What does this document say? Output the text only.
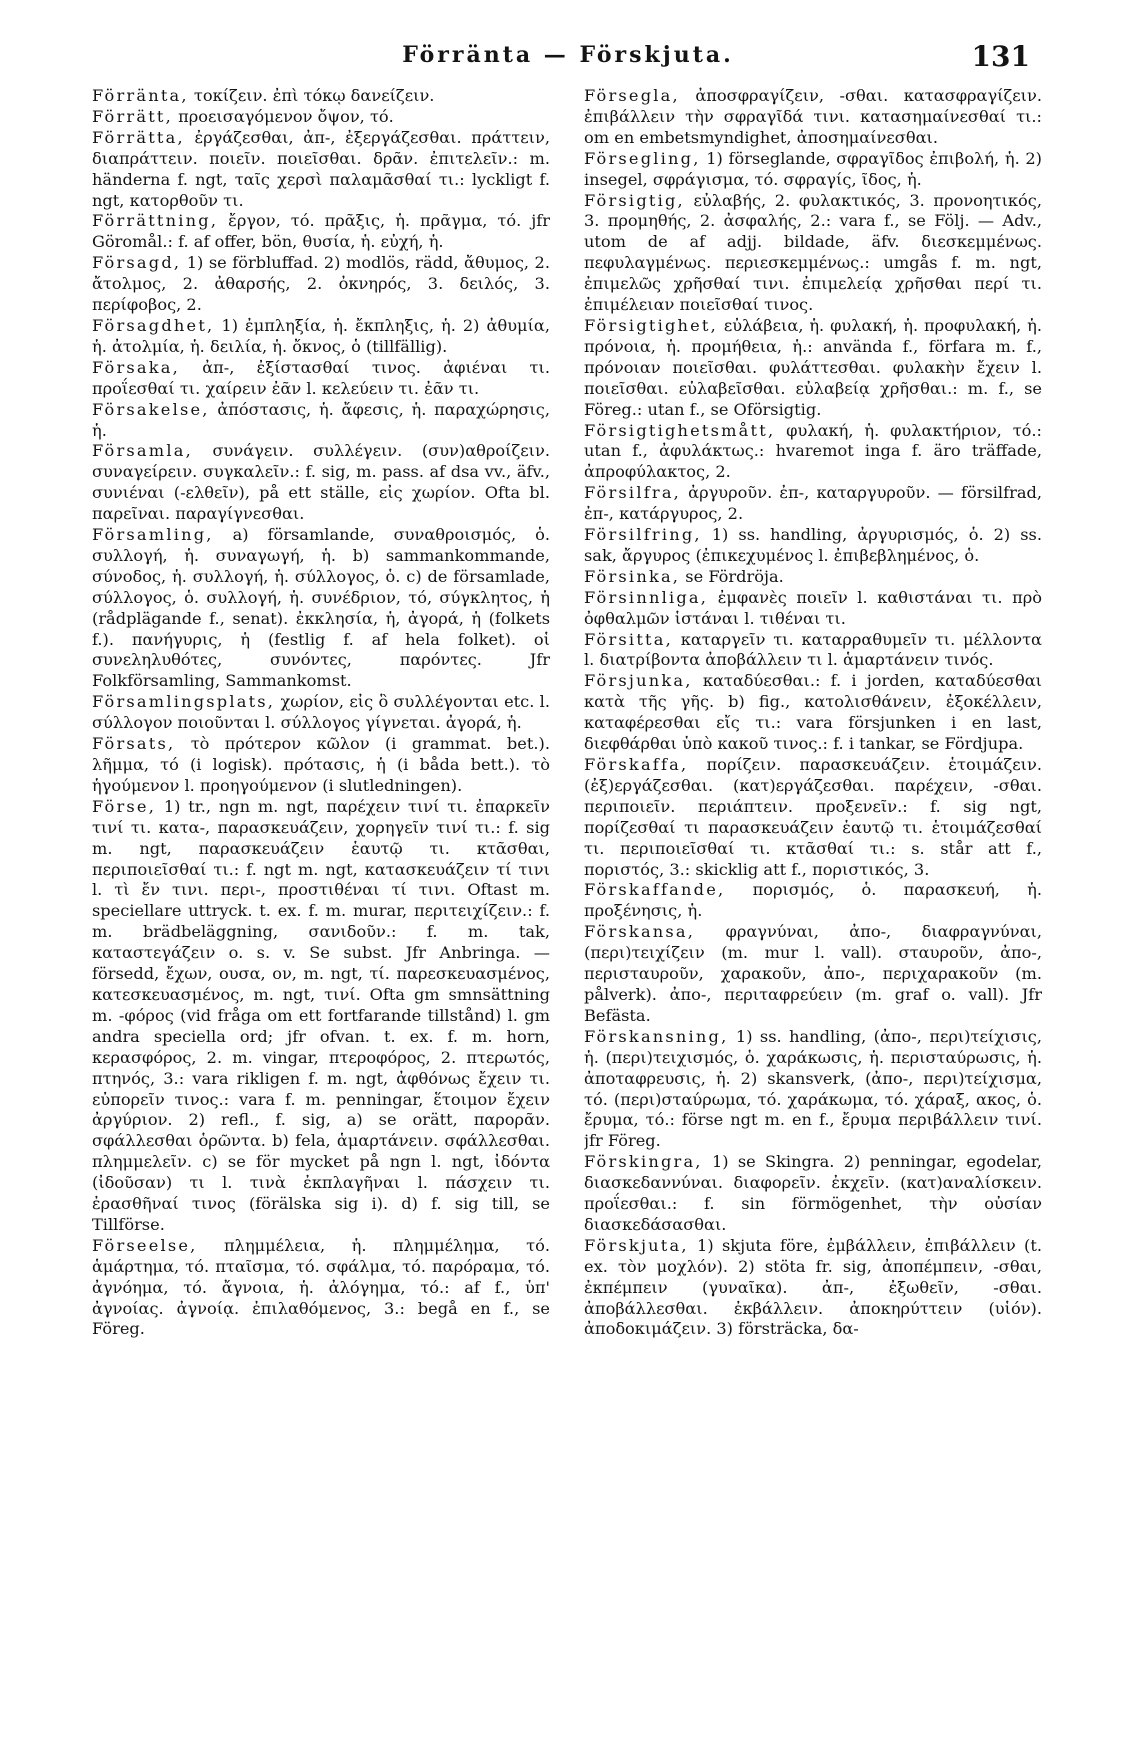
Förränta — Förskjuta.	131

Förränta, τοκίζειν. ἐπὶ τόκῳ δανείζειν.

Förrätt, προεισαγόμενον ὄψον, τό.

Förrätta, ἐργάζεσθαι, ἀπ-, ἐξεργάζεσθαι. πράττειν, διαπράττειν. ποιεῖν. ποιεῖσθαι. δρᾶν. ἐπιτελεῖν.: m. händerna f. ngt, ταῖς χερσὶ παλαμᾶσθαί τι.: lyckligt f. ngt, κατορθοῦν τι.

Förrättning, ἔργον, τό. πρᾶξις, ἡ. πρᾶγμα, τό. jfr Göromål.: f. af offer, bön, θυσία, ἡ. εὐχή, ἡ.

Försagd, 1) se förbluffad. 2) modlös, rädd, ἄθυμος, 2. ἄτολμος, 2. ἀθαρσής, 2. ὀκνηρός, 3. δειλός, 3. περίφοβος, 2.

Försagdhet, 1) ἐμπληξία, ἡ. ἔκπληξις, ἡ. 2) ἀθυμία, ἡ. ἀτολμία, ἡ. δειλία, ἡ. ὄκνος, ὁ (tillfällig).

Försaka, ἀπ-, ἐξίστασθαί τινος. ἀφιέναι τι. προΐεσθαί τι. χαίρειν ἐᾶν l. κελεύειν τι. ἐᾶν τι.

Försakelse, ἀπόστασις, ἡ. ἄφεσις, ἡ. παραχώρησις, ἡ.

Församla, συνάγειν. συλλέγειν. (συν)αθροίζειν. συναγείρειν. συγκαλεῖν.: f. sig, m. pass. af dsa vv., äfv., συνιέναι (-ελθεῖν), på ett ställe, εἰς χωρίον. Ofta bl. παρεῖναι. παραγίγνεσθαι.

Församling, a) församlande, συναθροισμός, ὁ. συλλογή, ἡ. συναγωγή, ἡ. b) sammankommande, σύνοδος, ἡ. συλλογή, ἡ. σύλλογος, ὁ. c) de församlade, σύλλογος, ὁ. συλλογή, ἡ. συνέδριον, τό, σύγκλητος, ἡ (rådplägande f., senat). ἐκκλησία, ἡ, ἀγορά, ἡ (folkets f.). πανήγυρις, ἡ (festlig f. af hela folket). οἱ συνεληλυθότες, συνόντες, παρόντες. Jfr Folkförsamling, Sammankomst.

Församlingsplats, χωρίον, εἰς ὃ συλλέγονται etc. l. σύλλογον ποιοῦνται l. σύλλογος γίγνεται. ἀγορά, ἡ.

Försats, τὸ πρότερον κῶλον (i grammat. bet.). λῆμμα, τό (i logisk). πρότασις, ἡ (i båda bett.). τὸ ἡγούμενον l. προηγούμενον (i slutledningen).

Förse, 1) tr., ngn m. ngt, παρέχειν τινί τι. ἐπαρκεῖν τινί τι. κατα-, παρασκευάζειν, χορηγεῖν τινί τι.: f. sig m. ngt, παρασκευάζειν ἑαυτῷ τι. κτᾶσθαι, περιποιεῖσθαί τι.: f. ngt m. ngt, κατασκευάζειν τί τινι l. τὶ ἔν τινι. περι-, προστιθέναι τί τινι. Oftast m. speciellare uttryck. t. ex. f. m. murar, περιτειχίζειν.: f. m. brädbeläggning, σανιδοῦν.: f. m. tak, καταστεγάζειν o. s. v. Se subst. Jfr Anbringa. — försedd, ἔχων, ουσα, ον, m. ngt, τί. παρεσκευασμένος, κατεσκευασμένος, m. ngt, τινί. Ofta gm smnsättning m. -φόρος (vid fråga om ett fortfarande tillstånd) l. gm andra speciella ord; jfr ofvan. t. ex. f. m. horn, κερασφόρος, 2. m. vingar, πτεροφόρος, 2. πτερωτός, πτηνός, 3.: vara rikligen f. m. ngt, ἀφθόνως ἔχειν τι. εὐπορεῖν τινος.: vara f. m. penningar, ἕτοιμον ἔχειν ἀργύριον. 2) refl., f. sig, a) se orätt, παρορᾶν. σφάλλεσθαι ὁρῶντα. b) fela, ἁμαρτάνειν. σφάλλεσθαι. πλημμελεῖν. c) se för mycket på ngn l. ngt, ἰδόντα (ἰδοῦσαν) τι l. τινὰ ἐκπλαγῆναι l. πάσχειν τι. ἐρασθῆναί τινος (förälska sig i). d) f. sig till, se Tillförse.

Förseelse, πλημμέλεια, ἡ. πλημμέλημα, τό. ἁμάρτημα, τό. πταῖσμα, τό. σφάλμα, τό. παρόραμα, τό. ἀγνόημα, τό. ἄγνοια, ἡ. ἀλόγημα, τό.: af f., ὑπ' ἀγνοίας. ἀγνοίᾳ. ἐπιλαθόμενος, 3.: begå en f., se Föreg.

Försegla, ἀποσφραγίζειν, -σθαι. κατασφραγίζειν. ἐπιβάλλειν τὴν σφραγῖδά τινι. κατασημαίνεσθαί τι.: om en embetsmyndighet, ἀποσημαίνεσθαι.

Försegling, 1) förseglande, σφραγῖδος ἐπιβολή, ἡ. 2) insegel, σφράγισμα, τό. σφραγίς, ῖδος, ἡ.

Försigtig, εὐλαβής, 2. φυλακτικός, 3. προνοητικός, 3. προμηθής, 2. ἀσφαλής, 2.: vara f., se Följ. — Adv., utom de af adjj. bildade, äfv. διεσκεμμένως. πεφυλαγμένως. περιεσκεμμένως.: umgås f. m. ngt, ἐπιμελῶς χρῆσθαί τινι. ἐπιμελείᾳ χρῆσθαι περί τι. ἐπιμέλειαν ποιεῖσθαί τινος.

Försigtighet, εὐλάβεια, ἡ. φυλακή, ἡ. προφυλακή, ἡ. πρόνοια, ἡ. προμήθεια, ἡ.: använda f., förfara m. f., πρόνοιαν ποιεῖσθαι. φυλάττεσθαι. φυλακὴν ἔχειν l. ποιεῖσθαι. εὐλαβεῖσθαι. εὐλαβείᾳ χρῆσθαι.: m. f., se Föreg.: utan f., se Oförsigtig.

Försigtighetsmått, φυλακή, ἡ. φυλακτήριον, τό.: utan f., ἀφυλάκτως.: hvaremot inga f. äro träffade, ἀπροφύλακτος, 2.

Försilfra, ἀργυροῦν. ἐπ-, καταργυροῦν. — försilfrad, ἐπ-, κατάργυρος, 2.

Försilfring, 1) ss. handling, ἀργυρισμός, ὁ. 2) ss. sak, ἄργυρος (ἐπικεχυμένος l. ἐπιβεβλημένος, ὁ.

Försinka, se Fördröja.

Försinnliga, ἐμφανὲς ποιεῖν l. καθιστάναι τι. πρὸ ὀφθαλμῶν ἱστάναι l. τιθέναι τι.

Försitta, καταργεῖν τι. καταρραθυμεῖν τι. μέλλοντα l. διατρίβοντα ἀποβάλλειν τι l. ἁμαρτάνειν τινός.

Försjunka, καταδύεσθαι.: f. i jorden, καταδύεσθαι κατὰ τῆς γῆς. b) fig., κατολισθάνειν, ἐξοκέλλειν, καταφέρεσθαι εἴς τι.: vara försjunken i en last, διεφθάρθαι ὑπὸ κακοῦ τινος.: f. i tankar, se Fördjupa.

Förskaffa, πορίζειν. παρασκευάζειν. ἑτοιμάζειν. (ἐξ)εργάζεσθαι. (κατ)εργάζεσθαι. παρέχειν, -σθαι. περιποιεῖν. περιάπτειν. προξενεῖν.: f. sig ngt, πορίζεσθαί τι παρασκευάζειν ἑαυτῷ τι. ἑτοιμάζεσθαί τι. περιποιεῖσθαί τι. κτᾶσθαί τι.: s. står att f., ποριστός, 3.: skicklig att f., ποριστικός, 3.

Förskaffande, πορισμός, ὁ. παρασκευή, ἡ. προξένησις, ἡ.

Förskansa, φραγνύναι, ἀπο-, διαφραγνύναι, (περι)τειχίζειν (m. mur l. vall). σταυροῦν, ἀπο-, περισταυροῦν, χαρακοῦν, ἀπο-, περιχαρακοῦν (m. pålverk). ἀπο-, περιταφρεύειν (m. graf o. vall). Jfr Befästa.

Förskansning, 1) ss. handling, (ἀπο-, περι)τείχισις, ἡ. (περι)τειχισμός, ὁ. χαράκωσις, ἡ. περισταύρωσις, ἡ. ἀποταφρευσις, ἡ. 2) skansverk, (ἀπο-, περι)τείχισμα, τό. (περι)σταύρωμα, τό. χαράκωμα, τό. χάραξ, ακος, ὁ. ἔρυμα, τό.: förse ngt m. en f., ἔρυμα περιβάλλειν τινί. jfr Föreg.

Förskingra, 1) se Skingra. 2) penningar, egodelar, διασκεδαννύναι. διαφορεῖν. ἐκχεῖν. (κατ)αναλίσκειν. προΐεσθαι.: f. sin förmögenhet, τὴν οὐσίαν διασκεδάσασθαι.

Förskjuta, 1) skjuta före, ἐμβάλλειν, ἐπιβάλλειν (t. ex. τὸν μοχλόν). 2) stöta fr. sig, ἀποπέμπειν, -σθαι, ἐκπέμπειν (γυναῖκα). ἀπ-, ἐξωθεῖν, -σθαι. ἀποβάλλεσθαι. ἐκβάλλειν. ἀποκηρύττειν (υἱόν). ἀποδοκιμάζειν. 3) försträcka, δα-
